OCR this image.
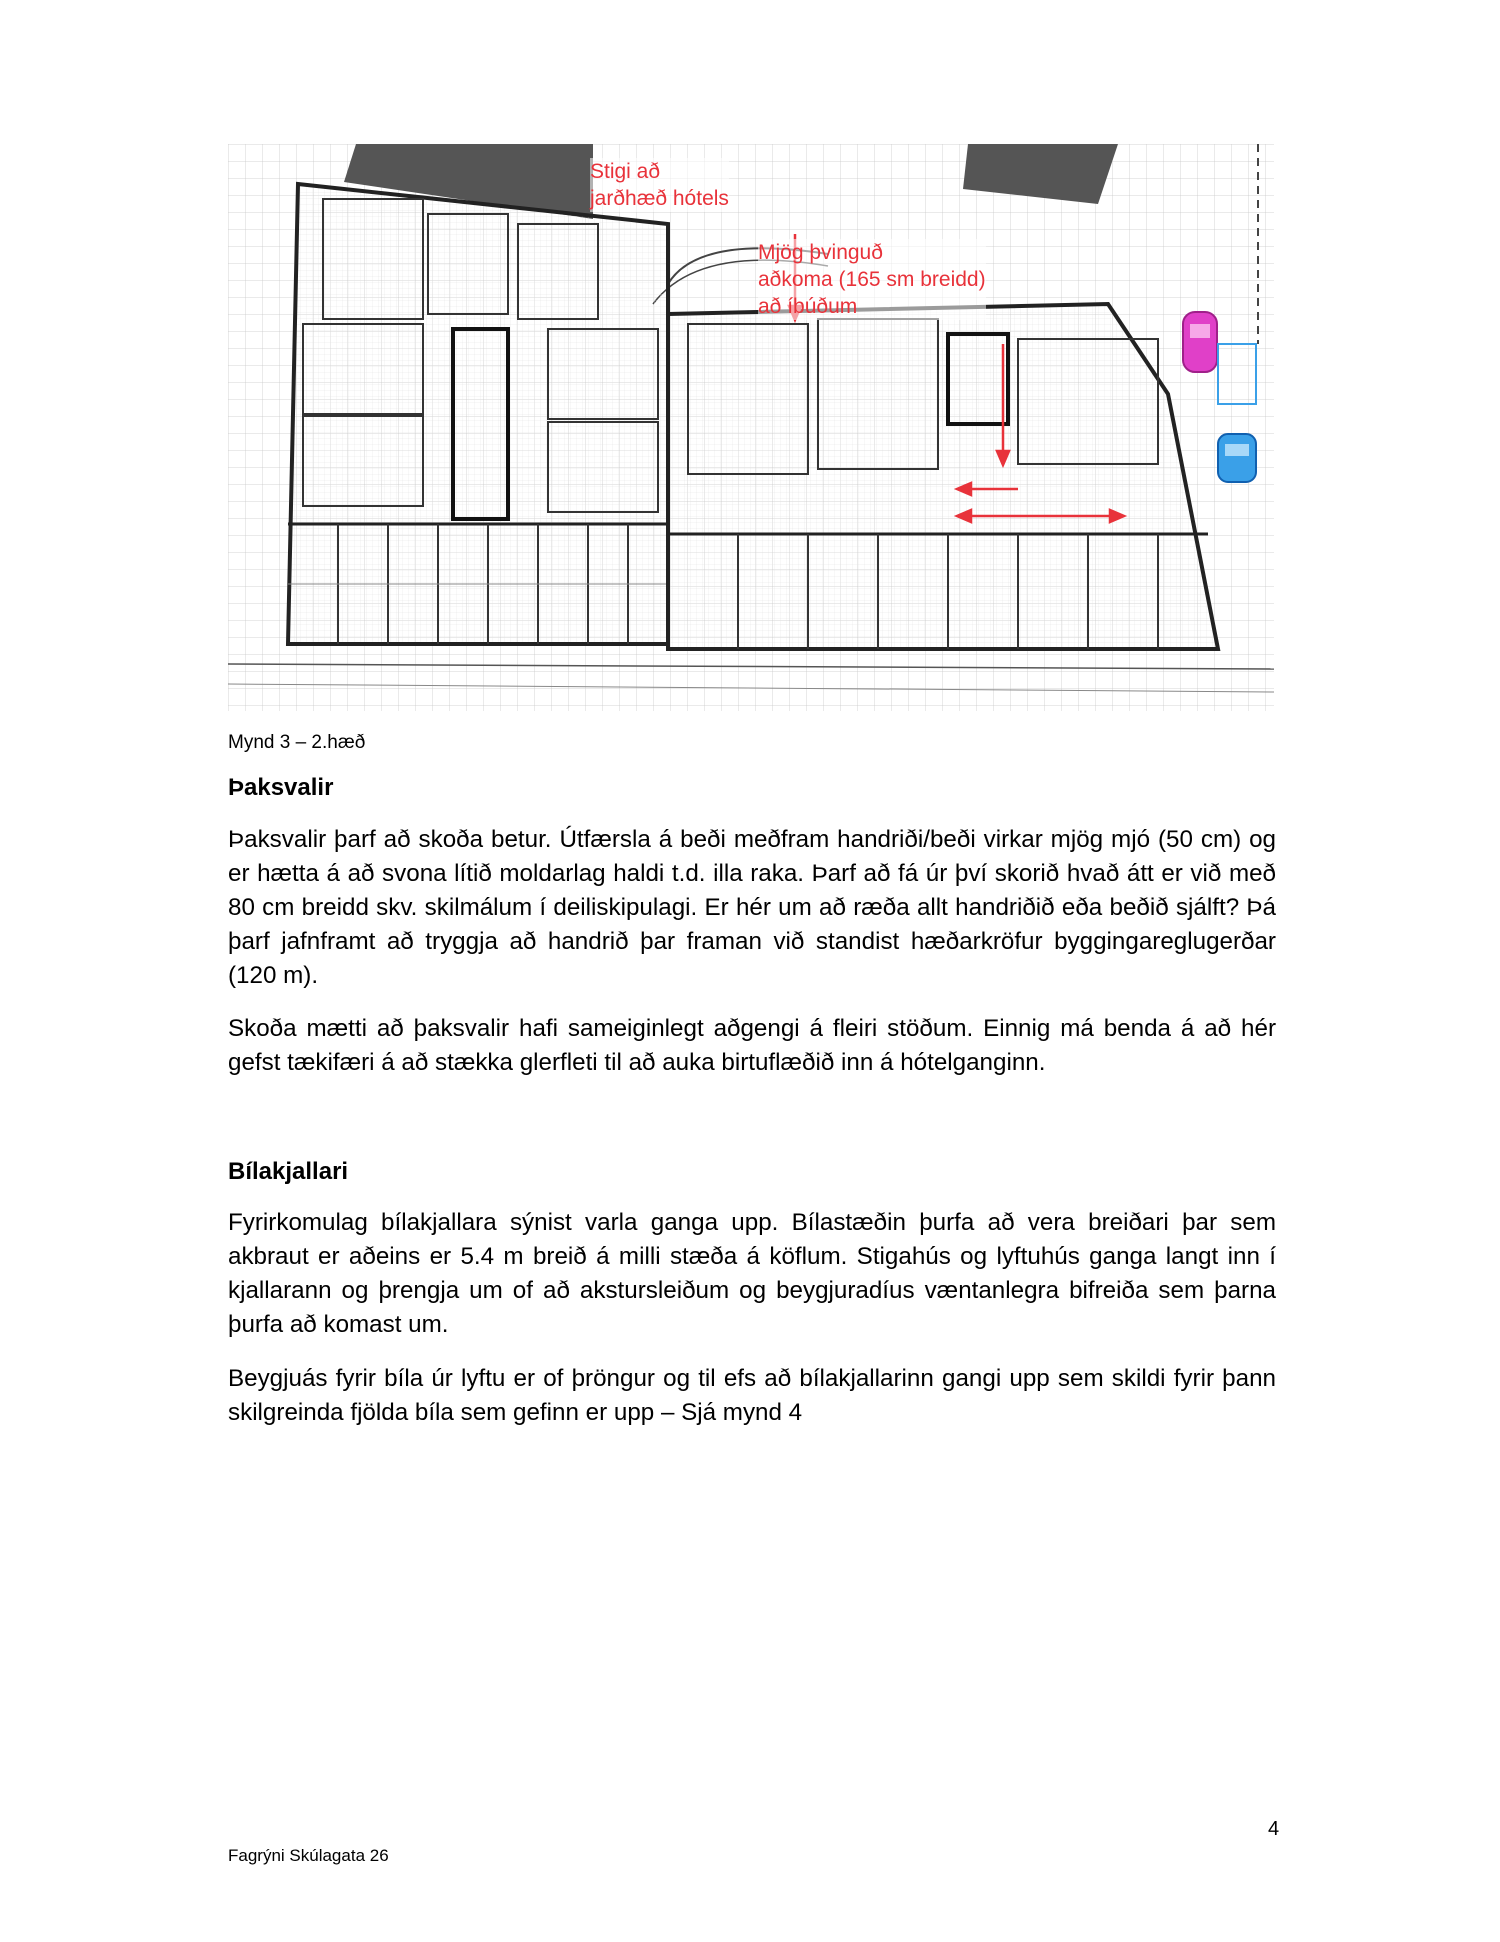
Stigi að
jarðhæð hótels
Mjög þvinguð
aðkoma (165 sm breidd)
að íbúðum
Mynd 3 – 2.hæð
Þaksvalir

Þaksvalir þarf að skoða betur. Útfærsla á beði meðfram handriði/beði virkar mjög mjó (50 cm) og er hætta á að svona lítið moldarlag haldi t.d. illa raka. Þarf að fá úr því skorið hvað átt er við með 80 cm breidd skv. skilmálum í deiliskipulagi. Er hér um að ræða allt handriðið eða beðið sjálft? Þá þarf jafnframt að tryggja að handrið þar framan við standist hæðarkröfur byggingareglugerðar (120 m).

Skoða mætti að þaksvalir hafi sameiginlegt aðgengi á fleiri stöðum. Einnig má benda á að hér gefst tækifæri á að stækka glerfleti til að auka birtuflæðið inn á hótelganginn.

Bílakjallari

Fyrirkomulag bílakjallara sýnist varla ganga upp. Bílastæðin þurfa að vera breiðari þar sem akbraut er aðeins er 5.4 m breið á milli stæða á köflum. Stigahús og lyftuhús ganga langt inn í kjallarann og þrengja um of að akstursleiðum og beygjuradíus væntanlegra bifreiða sem þarna þurfa að komast um.

Beygjuás fyrir bíla úr lyftu er of þröngur og til efs að bílakjallarinn gangi upp sem skildi fyrir þann skilgreinda fjölda bíla sem gefinn er upp – Sjá mynd 4

4
Fagrýni Skúlagata 26
